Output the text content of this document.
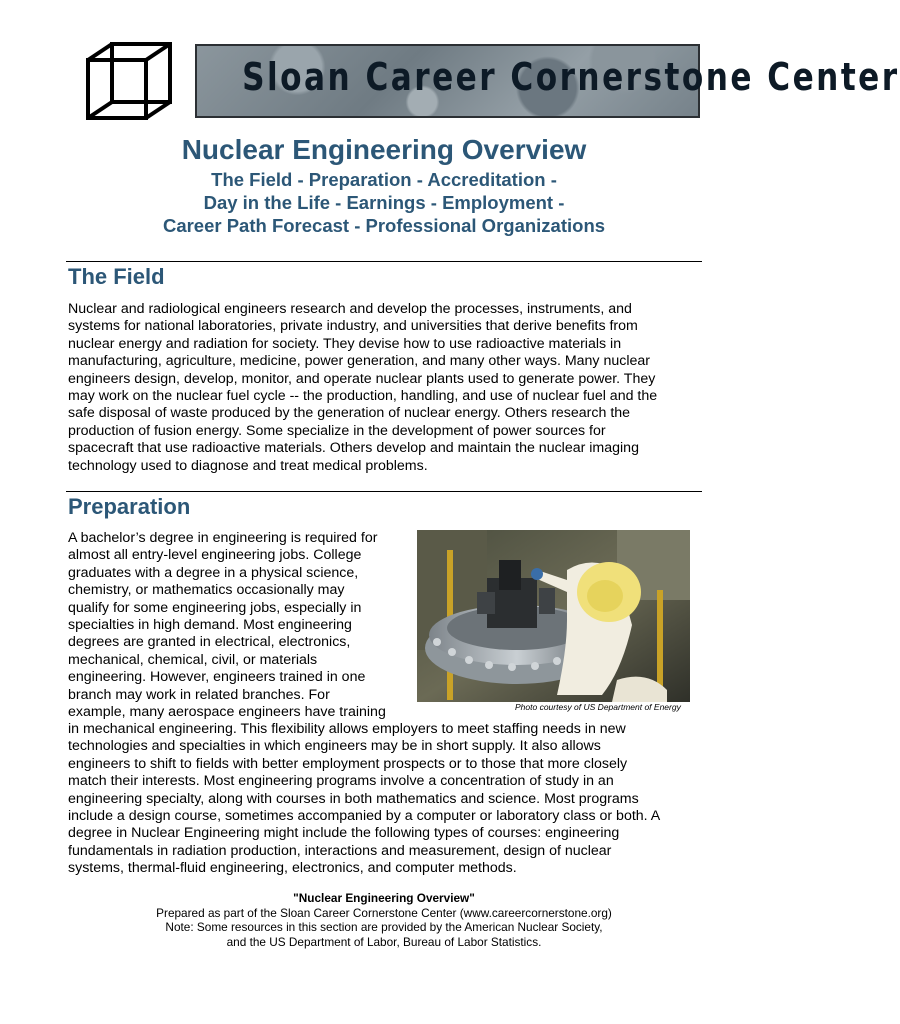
Sloan Career Cornerstone Center
Nuclear Engineering Overview
The Field - Preparation - Accreditation -
Day in the Life - Earnings - Employment -
Career Path Forecast - Professional Organizations
The Field
Nuclear and radiological engineers research and develop the processes, instruments, and
systems for national laboratories, private industry, and universities that derive benefits from
nuclear energy and radiation for society. They devise how to use radioactive materials in
manufacturing, agriculture, medicine, power generation, and many other ways. Many nuclear
engineers design, develop, monitor, and operate nuclear plants used to generate power. They
may work on the nuclear fuel cycle -- the production, handling, and use of nuclear fuel and the
safe disposal of waste produced by the generation of nuclear energy. Others research the
production of fusion energy. Some specialize in the development of power sources for
spacecraft that use radioactive materials. Others develop and maintain the nuclear imaging
technology used to diagnose and treat medical problems.
Preparation
A bachelor’s degree in engineering is required for
almost all entry-level engineering jobs. College
graduates with a degree in a physical science,
chemistry, or mathematics occasionally may
qualify for some engineering jobs, especially in
specialties in high demand. Most engineering
degrees are granted in electrical, electronics,
mechanical, chemical, civil, or materials
engineering. However, engineers trained in one
branch may work in related branches. For
example, many aerospace engineers have training	Photo courtesy of US Department of Energy
in mechanical engineering. This flexibility allows employers to meet staffing needs in new
technologies and specialties in which engineers may be in short supply. It also allows
engineers to shift to fields with better employment prospects or to those that more closely
match their interests. Most engineering programs involve a concentration of study in an
engineering specialty, along with courses in both mathematics and science. Most programs
include a design course, sometimes accompanied by a computer or laboratory class or both. A
degree in Nuclear Engineering might include the following types of courses: engineering
fundamentals in radiation production, interactions and measurement, design of nuclear
systems, thermal-fluid engineering, electronics, and computer methods.
"Nuclear Engineering Overview"
Prepared as part of the Sloan Career Cornerstone Center (www.careercornerstone.org)
Note: Some resources in this section are provided by the American Nuclear Society,
and the US Department of Labor, Bureau of Labor Statistics.
